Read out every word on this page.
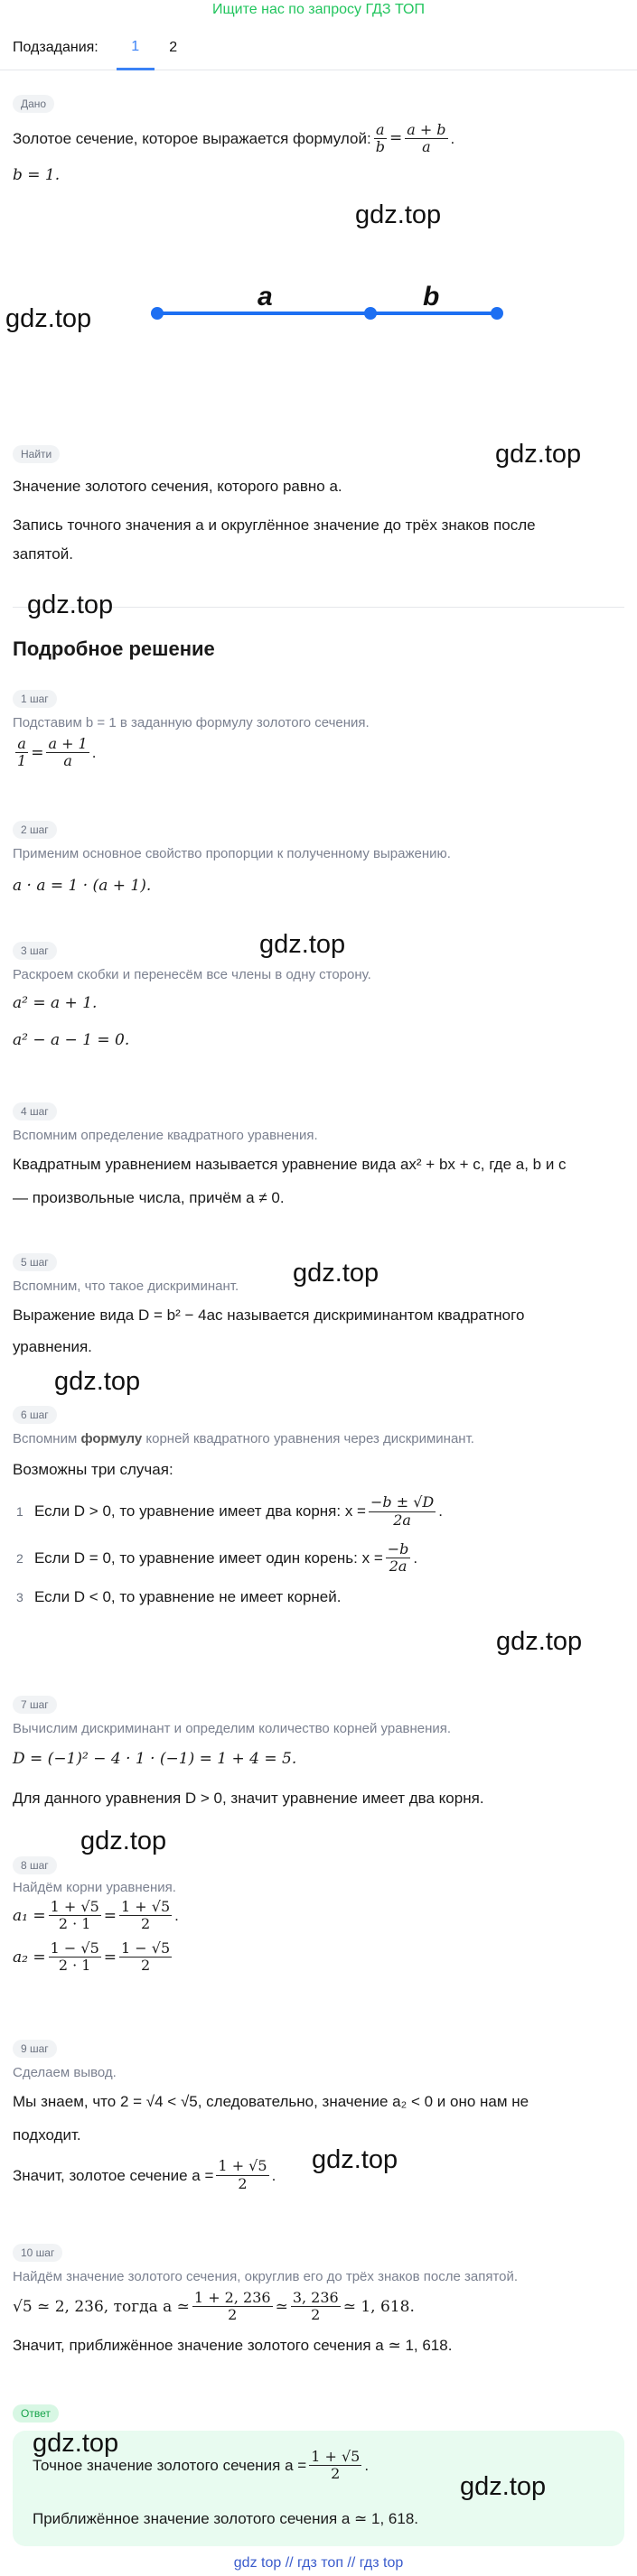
Ищите нас по запросу ГДЗ ТОП
Подзадания:	1	2
Дано
Золотое сечение, которое выражается формулой: $\frac{a}{b} = \frac{a + b}{a}$ .
b = 1.
a	b
Найти
Значение золотого сечения, которого равно a.
Запись точного значения a и округлённое значение до трёх знаков после запятой.
Подробное решение
1 шаг
Подставим b = 1 в заданную формулу золотого сечения.
$\frac{a}{1} = \frac{a + 1}{a}$ .
2 шаг
Применим основное свойство пропорции к полученному выражению.
a · a = 1 · (a + 1).
3 шаг
Раскроем скобки и перенесём все члены в одну сторону.
a² = a + 1.
a² − a − 1 = 0.
4 шаг
Вспомним определение квадратного уравнения.
Квадратным уравнением называется уравнение вида ax² + bx + c, где a, b и c
— произвольные числа, причём a ≠ 0.
5 шаг
Вспомним, что такое дискриминант.
Выражение вида D = b² − 4ac называется дискриминантом квадратного
уравнения.
6 шаг
Вспомним формулу корней квадратного уравнения через дискриминант.
Возможны три случая:
1 Если D > 0, то уравнение имеет два корня: $x = \frac{-b \pm √D}{2a}$ .
2 Если D = 0, то уравнение имеет один корень: $x = \frac{-b}{2a}$ .
3 Если D < 0, то уравнение не имеет корней.
7 шаг
Вычислим дискриминант и определим количество корней уравнения.
D = (−1)² − 4 · 1 · (−1) = 1 + 4 = 5.
Для данного уравнения D > 0, значит уравнение имеет два корня.
8 шаг
Найдём корни уравнения.
$a_1 = \frac{1 + √5}{2 \cdot 1} = \frac{1 + √5}{2}$ .
$a_2 = \frac{1 - √5}{2 \cdot 1} = \frac{1 - √5}{2}$
9 шаг
Сделаем вывод.
Мы знаем, что 2 = √4 < √5, следовательно, значение a₂ < 0 и оно нам не
подходит.
Значит, золотое сечение $a = \frac{1 + √5}{2}$ .
10 шаг
Найдём значение золотого сечения, округлив его до трёх знаков после запятой.
√5 ≃ 2, 236, тогда a ≃ $\frac{1 + 2, 236}{2}$ ≃ $\frac{3, 236}{2}$ ≃ 1, 618.
Значит, приближённое значение золотого сечения a ≃ 1, 618.
Ответ
Точное значение золотого сечения $a = \frac{1 + √5}{2}$ .
Приближённое значение золотого сечения a ≃ 1, 618.
gdz top // гдз топ // гдз top
gdz.top
gdz.top
gdz.top
gdz.top
gdz.top
gdz.top
gdz.top
gdz.top
gdz.top
gdz.top
gdz.top
gdz.top
